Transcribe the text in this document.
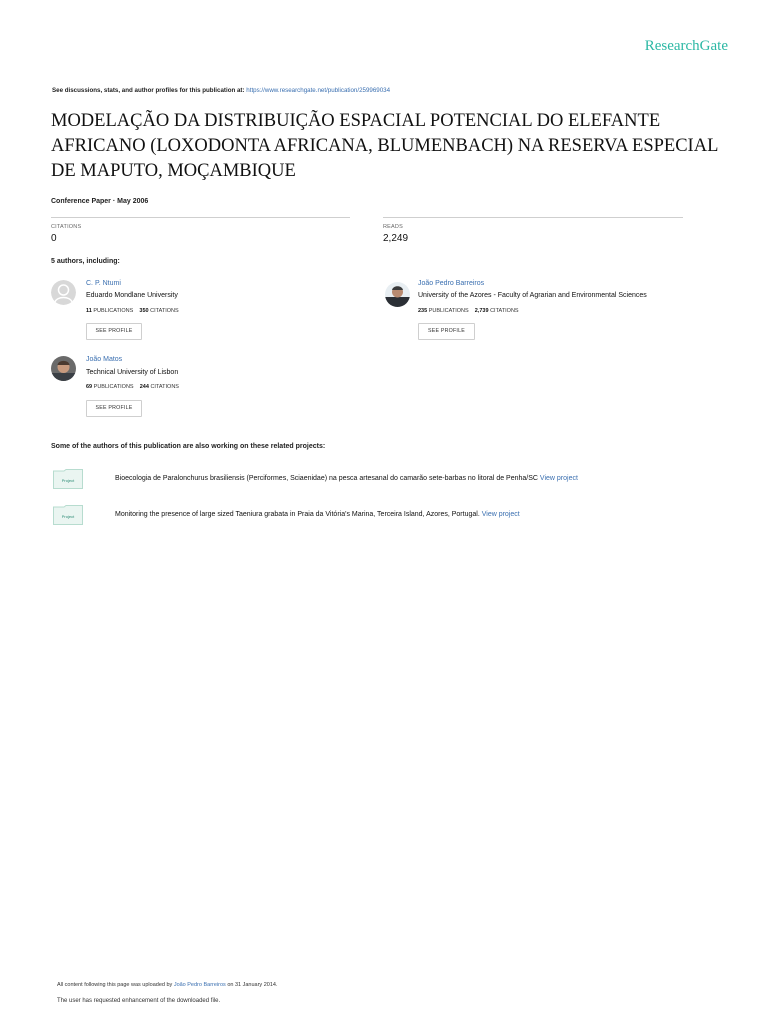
ResearchGate
See discussions, stats, and author profiles for this publication at: https://www.researchgate.net/publication/259969034
MODELAÇÃO DA DISTRIBUIÇÃO ESPACIAL POTENCIAL DO ELEFANTE AFRICANO (LOXODONTA AFRICANA, BLUMENBACH) NA RESERVA ESPECIAL DE MAPUTO, MOÇAMBIQUE
Conference Paper · May 2006
CITATIONS
0
READS
2,249
5 authors, including:
C. P. Ntumi
Eduardo Mondlane University
11 PUBLICATIONS 350 CITATIONS
SEE PROFILE
João Pedro Barreiros
University of the Azores - Faculty of Agrarian and Environmental Sciences
235 PUBLICATIONS 2,739 CITATIONS
SEE PROFILE
João Matos
Technical University of Lisbon
69 PUBLICATIONS 244 CITATIONS
SEE PROFILE
Some of the authors of this publication are also working on these related projects:
Project	Bioecologia de Paralonchurus brasiliensis (Perciformes, Sciaenidae) na pesca artesanal do camarão sete-barbas no litoral de Penha/SC View project
Project	Monitoring the presence of large sized Taeniura grabata in Praia da Vitória's Marina, Terceira Island, Azores, Portugal. View project
All content following this page was uploaded by João Pedro Barreiros on 31 January 2014.
The user has requested enhancement of the downloaded file.
